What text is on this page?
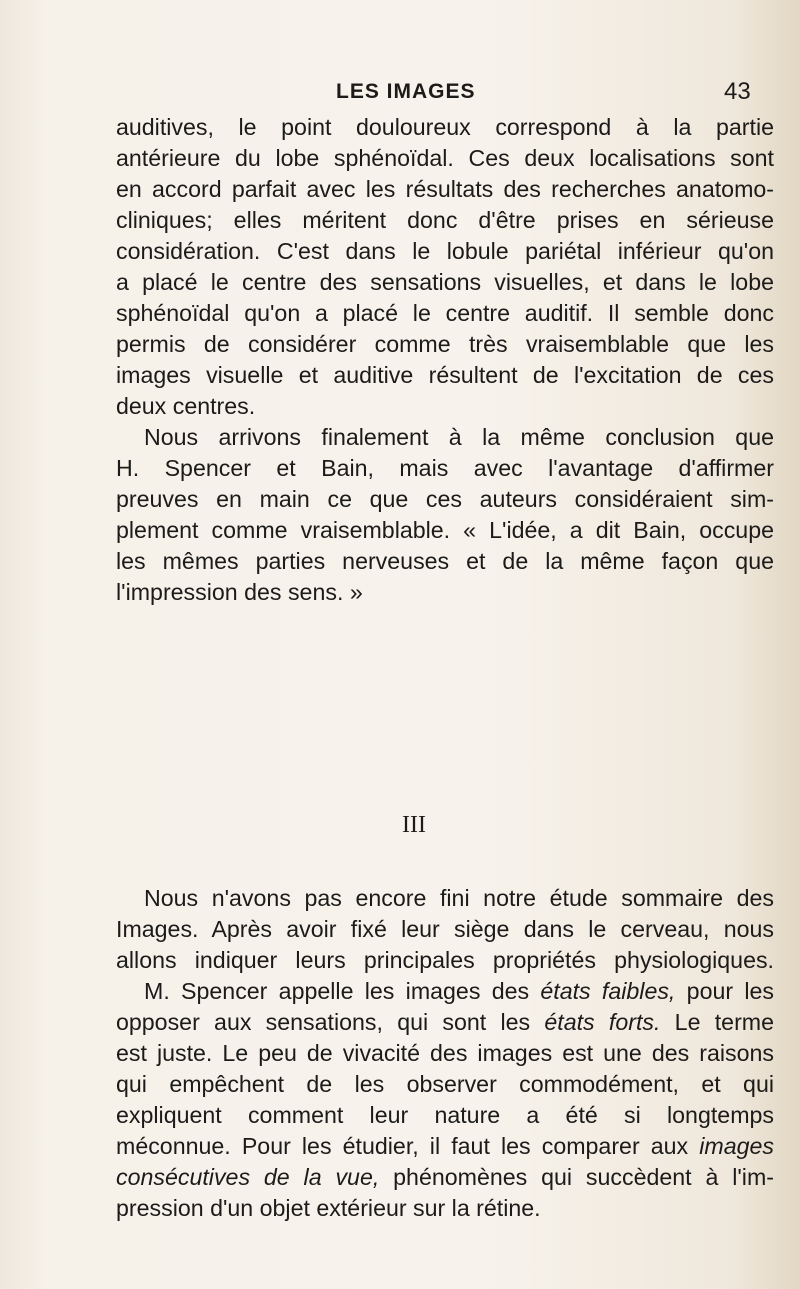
LES IMAGES	43
auditives, le point douloureux correspond à la partie
antérieure du lobe sphénoïdal. Ces deux localisations sont
en accord parfait avec les résultats des recherches anatomo-
cliniques; elles méritent donc d'être prises en sérieuse
considération. C'est dans le lobule pariétal inférieur qu'on
a placé le centre des sensations visuelles, et dans le lobe
sphénoïdal qu'on a placé le centre auditif. Il semble donc
permis de considérer comme très vraisemblable que les
images visuelle et auditive résultent de l'excitation de ces
deux centres.
Nous arrivons finalement à la même conclusion que
H. Spencer et Bain, mais avec l'avantage d'affirmer
preuves en main ce que ces auteurs considéraient sim-
plement comme vraisemblable. « L'idée, a dit Bain, occupe
les mêmes parties nerveuses et de la même façon que
l'impression des sens. »
III
Nous n'avons pas encore fini notre étude sommaire des
Images. Après avoir fixé leur siège dans le cerveau, nous
allons indiquer leurs principales propriétés physiologiques.
M. Spencer appelle les images des états faibles, pour les
opposer aux sensations, qui sont les états forts. Le terme
est juste. Le peu de vivacité des images est une des raisons
qui empêchent de les observer commodément, et qui
expliquent comment leur nature a été si longtemps
méconnue. Pour les étudier, il faut les comparer aux images
consécutives de la vue, phénomènes qui succèdent à l'im-
pression d'un objet extérieur sur la rétine.
